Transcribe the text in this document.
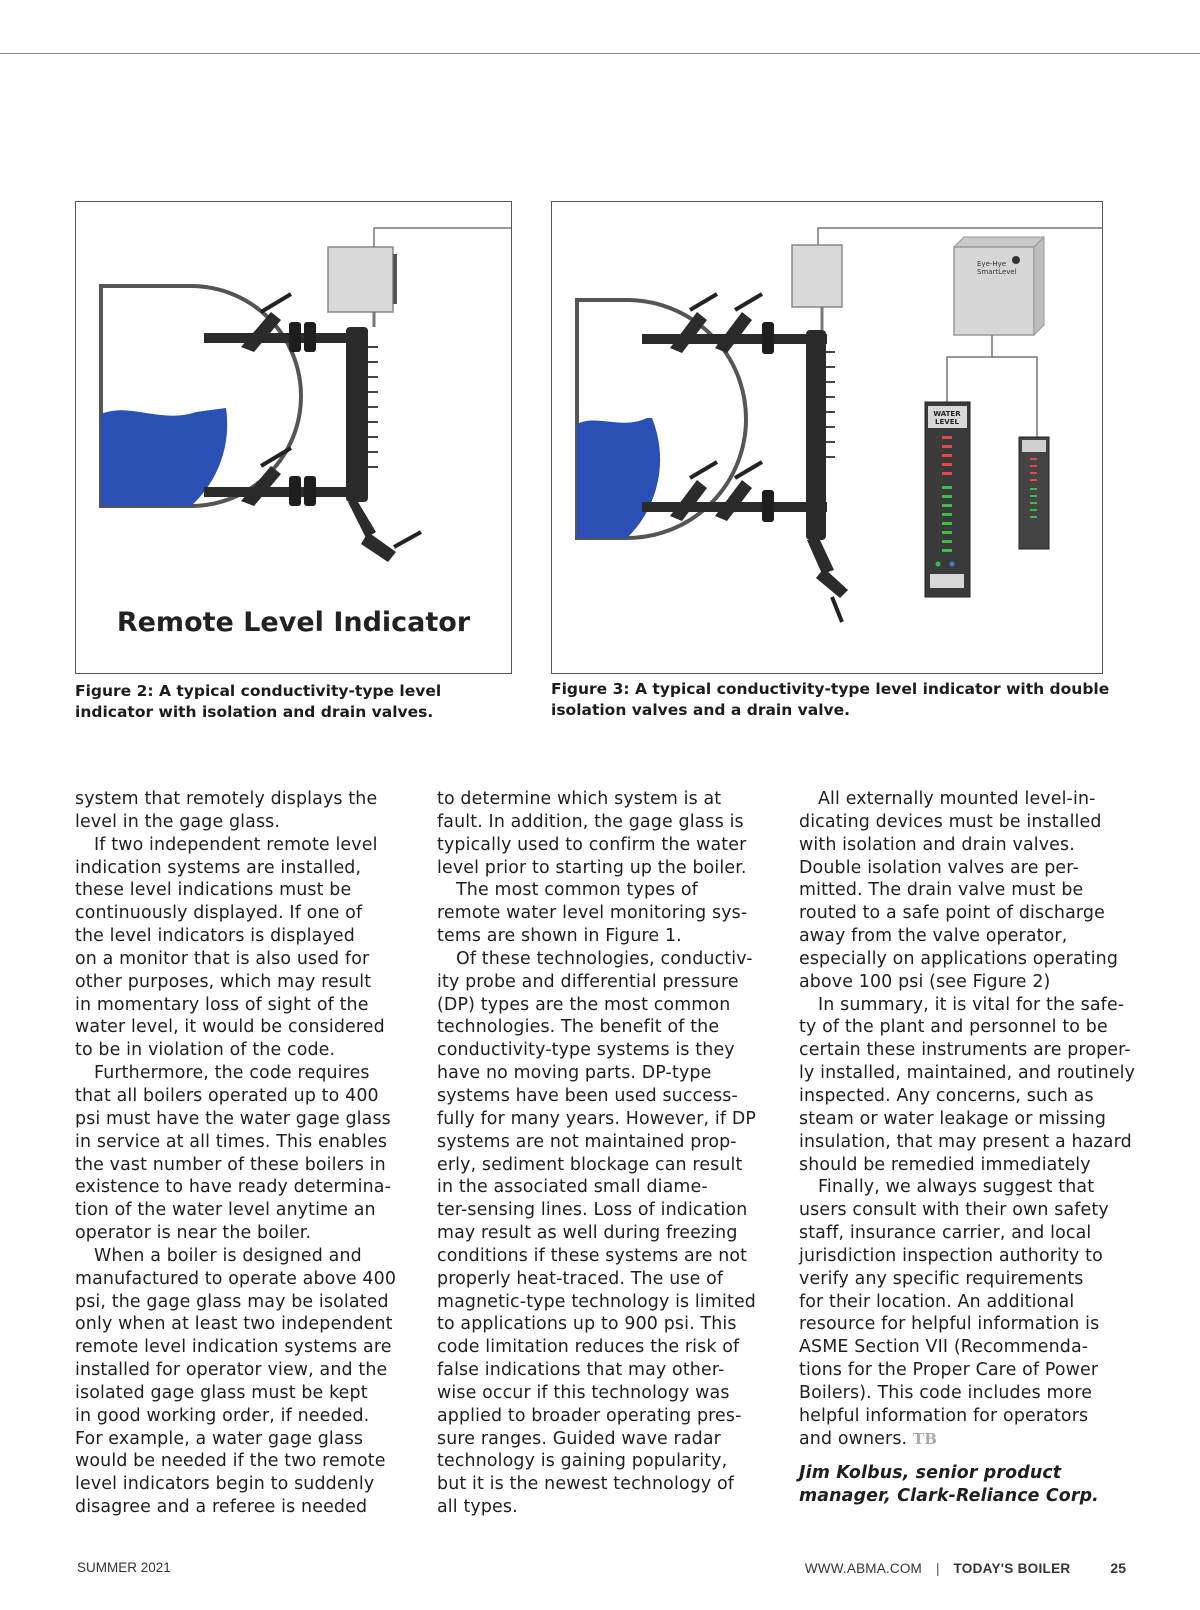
Remote Level Indicator
Figure 2: A typical conductivity-type level indicator with isolation and drain valves.
Eye-Hye
SmartLevel
WATER
LEVEL
Figure 3: A typical conductivity-type level indicator with double isolation valves and a drain valve.
system that remotely displays the
level in the gage glass.
If two independent remote level
indication systems are installed,
these level indications must be
continuously displayed. If one of
the level indicators is displayed
on a monitor that is also used for
other purposes, which may result
in momentary loss of sight of the
water level, it would be considered
to be in violation of the code.
Furthermore, the code requires
that all boilers operated up to 400
psi must have the water gage glass
in service at all times. This enables
the vast number of these boilers in
existence to have ready determina-
tion of the water level anytime an
operator is near the boiler.
When a boiler is designed and
manufactured to operate above 400
psi, the gage glass may be isolated
only when at least two independent
remote level indication systems are
installed for operator view, and the
isolated gage glass must be kept
in good working order, if needed.
For example, a water gage glass
would be needed if the two remote
level indicators begin to suddenly
disagree and a referee is needed
to determine which system is at
fault. In addition, the gage glass is
typically used to confirm the water
level prior to starting up the boiler.
The most common types of
remote water level monitoring sys-
tems are shown in Figure 1.
Of these technologies, conductiv-
ity probe and differential pressure
(DP) types are the most common
technologies. The benefit of the
conductivity-type systems is they
have no moving parts. DP-type
systems have been used success-
fully for many years. However, if DP
systems are not maintained prop-
erly, sediment blockage can result
in the associated small diame-
ter-sensing lines. Loss of indication
may result as well during freezing
conditions if these systems are not
properly heat-traced. The use of
magnetic-type technology is limited
to applications up to 900 psi. This
code limitation reduces the risk of
false indications that may other-
wise occur if this technology was
applied to broader operating pres-
sure ranges. Guided wave radar
technology is gaining popularity,
but it is the newest technology of
all types.
All externally mounted level-in-
dicating devices must be installed
with isolation and drain valves.
Double isolation valves are per-
mitted. The drain valve must be
routed to a safe point of discharge
away from the valve operator,
especially on applications operating
above 100 psi (see Figure 2)
In summary, it is vital for the safe-
ty of the plant and personnel to be
certain these instruments are proper-
ly installed, maintained, and routinely
inspected. Any concerns, such as
steam or water leakage or missing
insulation, that may present a hazard
should be remedied immediately
Finally, we always suggest that
users consult with their own safety
staff, insurance carrier, and local
jurisdiction inspection authority to
verify any specific requirements
for their location. An additional
resource for helpful information is
ASME Section VII (Recommenda-
tions for the Proper Care of Power
Boilers). This code includes more
helpful information for operators
and owners. TB
Jim Kolbus, senior product
manager, Clark-Reliance Corp.
SUMMER 2021	WWW.ABMA.COM | TODAY'S BOILER	25
